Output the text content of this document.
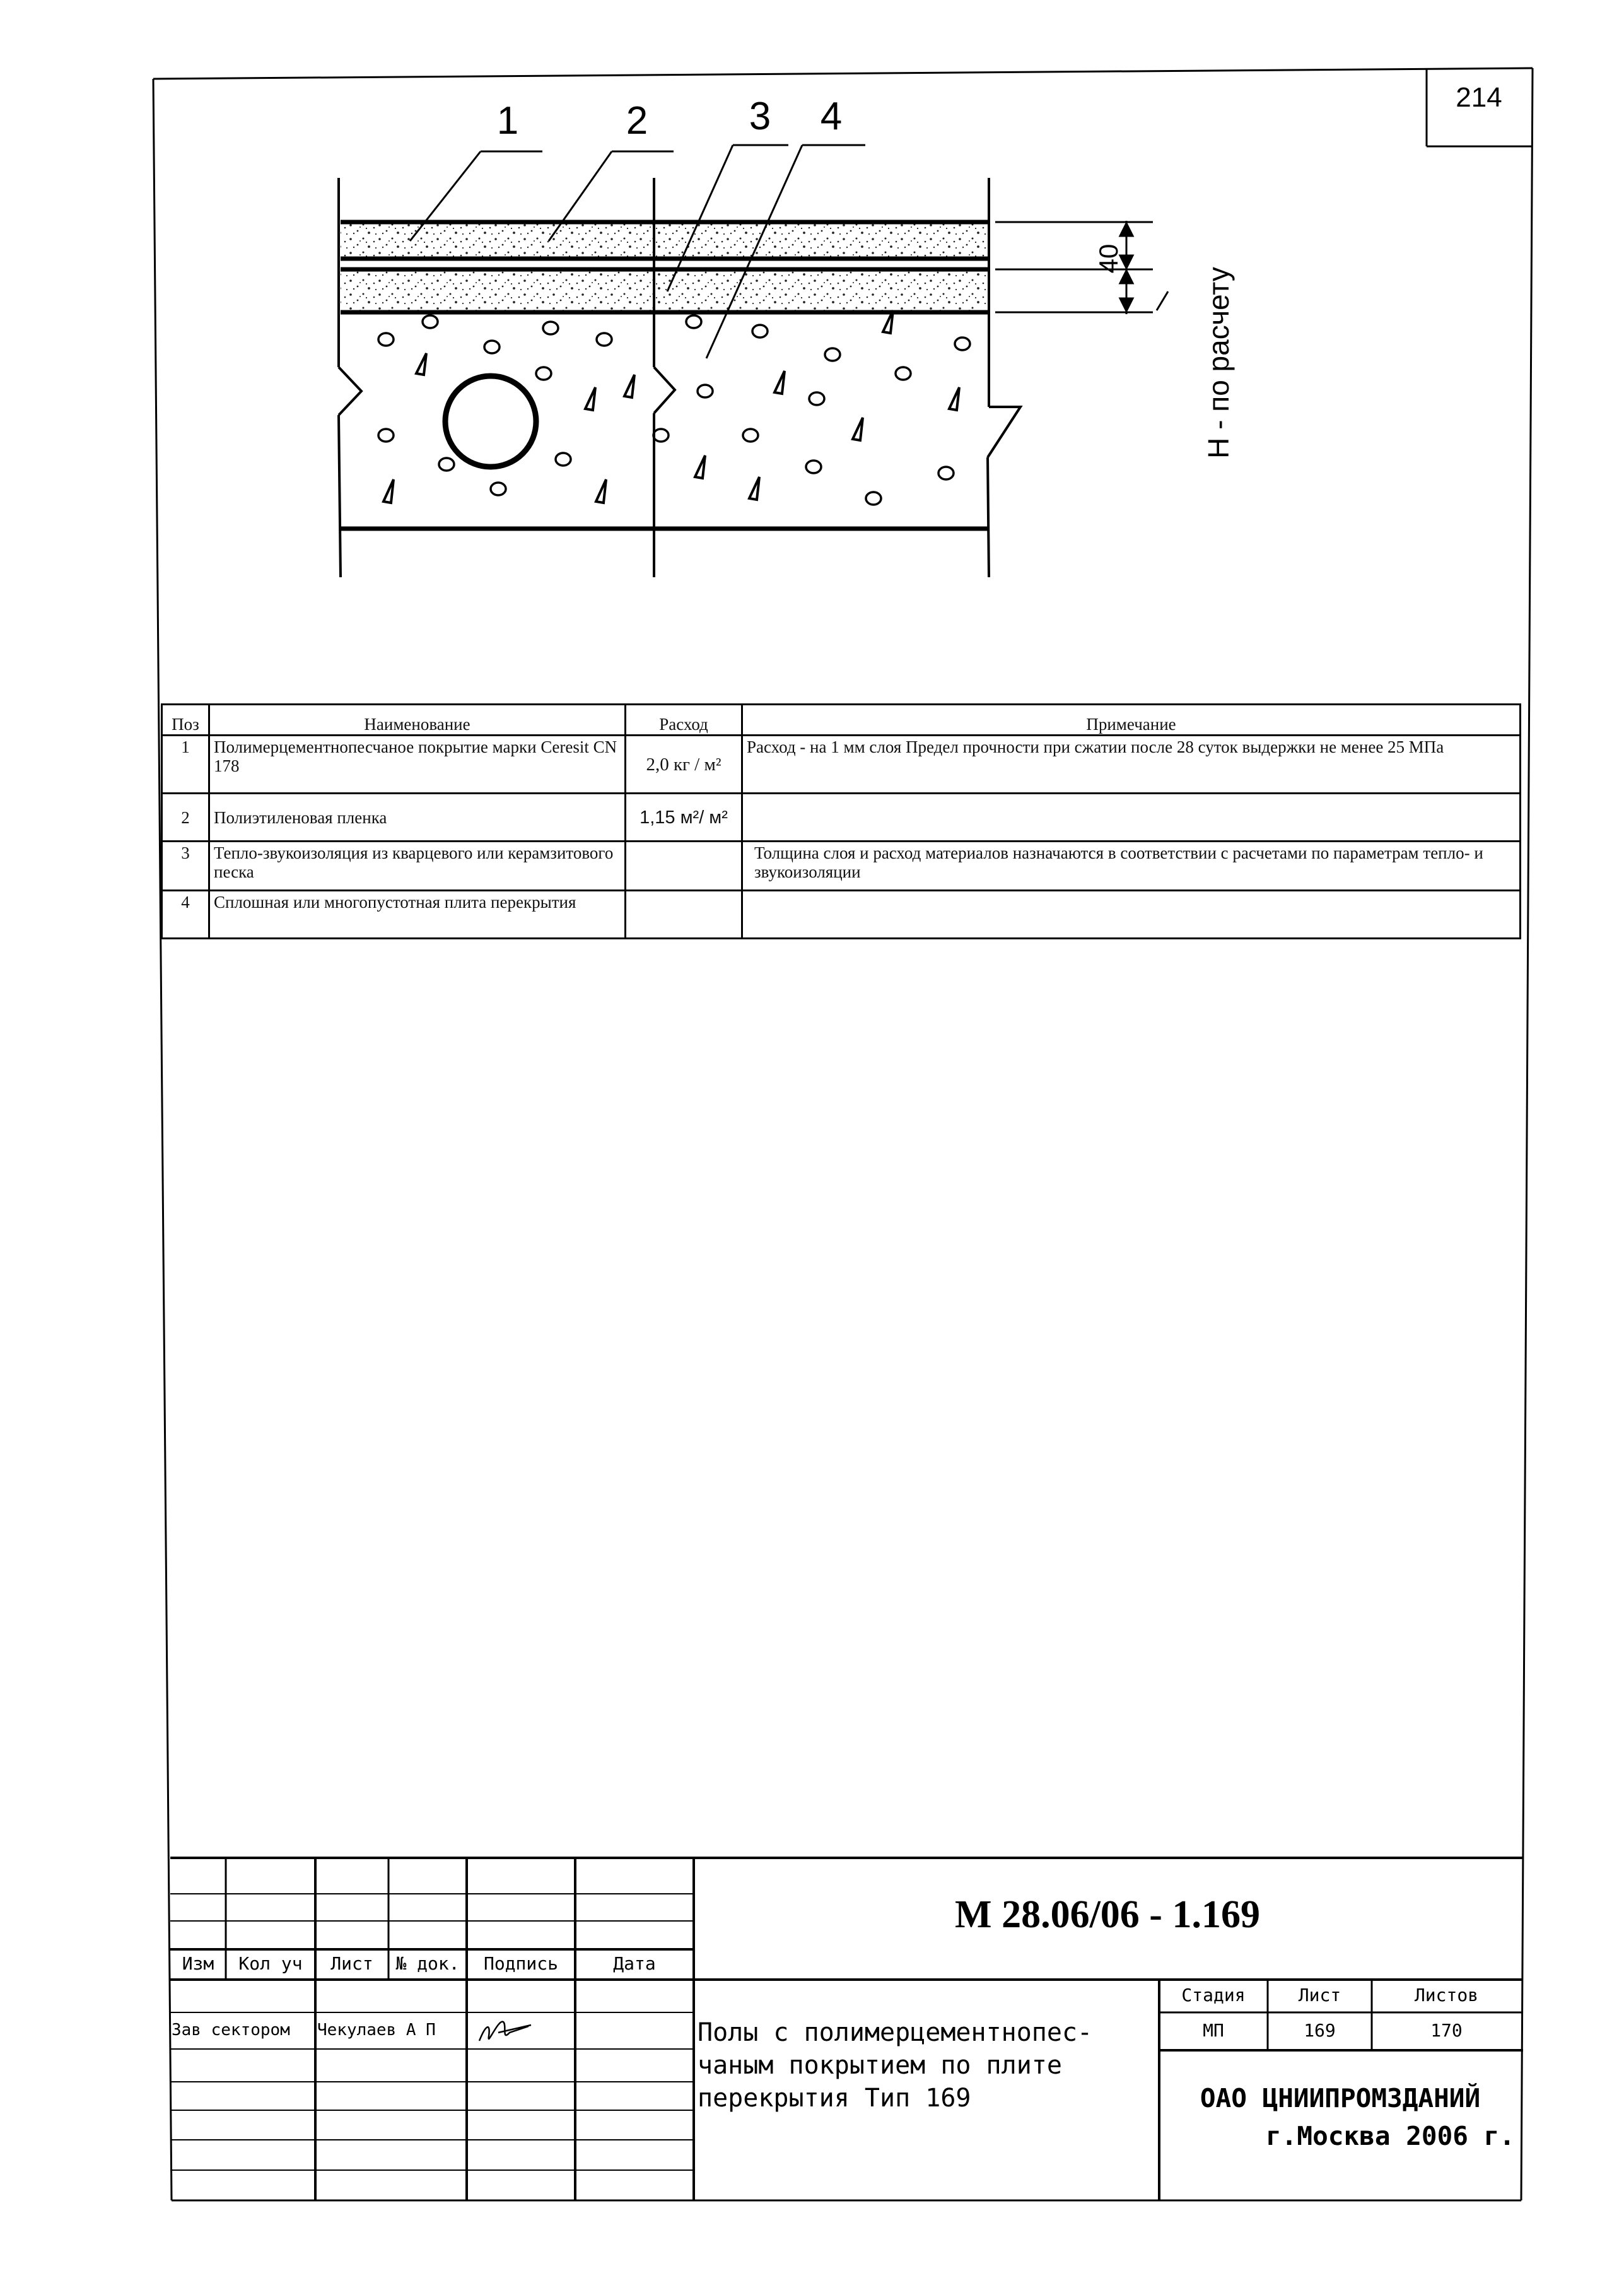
1	2	3 4
40
H - по расчету
214
Поз	Наименование	Расход	Примечание
1	Полимерцементнопесчаное покрытие марки Ceresit CN 178	2,0 кг / м²	Расход - на 1 мм слоя Предел прочности при сжатии после 28 суток выдержки не менее 25 МПа
2	Полиэтиленовая пленка	1,15 м²/ м²	
3	Тепло-звукоизоляция из кварцевого или керамзитового песка		Толщина слоя и расход материалов назначаются в соответствии с расчетами по параметрам тепло- и звукоизоляции
4	Сплошная или многопустотная плита перекрытия		
М 28.06/06 - 1.169
Изм	Кол уч	Лист	№ док.	Подпись	Дата
Зав сектором	Чекулаев А П	Полы с полимерцементнопес-
чаным покрытием по плите
перекрытия Тип 169
Стадия	Лист	Листов
МП	169	170
ОАО ЦНИИПРОМЗДАНИЙ
г.Москва 2006 г.
